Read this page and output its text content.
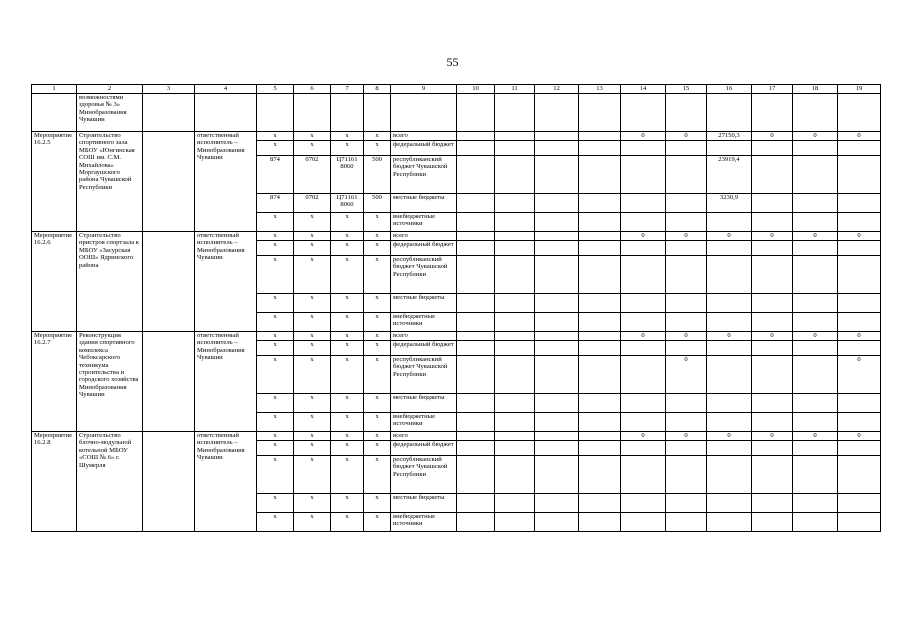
55
1	2	3	4	5	6	7	8	9	10	11	12	13	14	15	16	17	18	19
	возможностями здоровья № 3» Минобразования Чувашии																	
Мероприятие 16.2.5	Строительство спортивного зала МБОУ «Юнгинская СОШ им. С.М. Михайлова» Моргаушского района Чувашской Республики		ответственный исполнитель – Минобразования Чувашии	x	x	x	x	всего					0	0	27150,3	0	0	0
				x	x	x	x	федеральный бюджет										
				874	0702	Ц71161 8060	500	республиканский бюджет Чувашской Республики							23919,4			
				874	0702	Ц71161 8060	500	местные бюджеты							3230,9			
				x	x	x	x	внебюджетные источники										
Мероприятие 16.2.6	Строительство пристроя спортзала к МБОУ «Засурская ООШ» Ядринского района		ответственный исполнитель – Минобразования Чувашии	x	x	x	x	всего					0	0	0	0	0	0
				x	x	x	x	федеральный бюджет										
				x	x	x	x	республиканский бюджет Чувашской Республики										
				x	x	x	x	местные бюджеты										
				x	x	x	x	внебюджетные источники										
Мероприятие 16.2.7	Реконструкция здания спортивного комплекса Чебоксарского техникума строительства и городского хозяйства Минобразования Чувашии		ответственный исполнитель – Минобразования Чувашии	x	x	x	x	всего					0	0	0	0	0	0
				x	x	x	x	федеральный бюджет										
				x	x	x	x	республиканский бюджет Чувашской Республики						0				0
				x	x	x	x	местные бюджеты										
				x	x	x	x	внебюджетные источники										
Мероприятие 16.2.8	Строительство блочно-модульной котельной МБОУ «СОШ № 6» г. Шумерля		ответственный исполнитель – Минобразования Чувашии	x	x	x	x	всего					0	0	0	0	0	0
				x	x	x	x	федеральный бюджет										
				x	x	x	x	республиканский бюджет Чувашской Республики										
				x	x	x	x	местные бюджеты										
				x	x	x	x	внебюджетные источники										
